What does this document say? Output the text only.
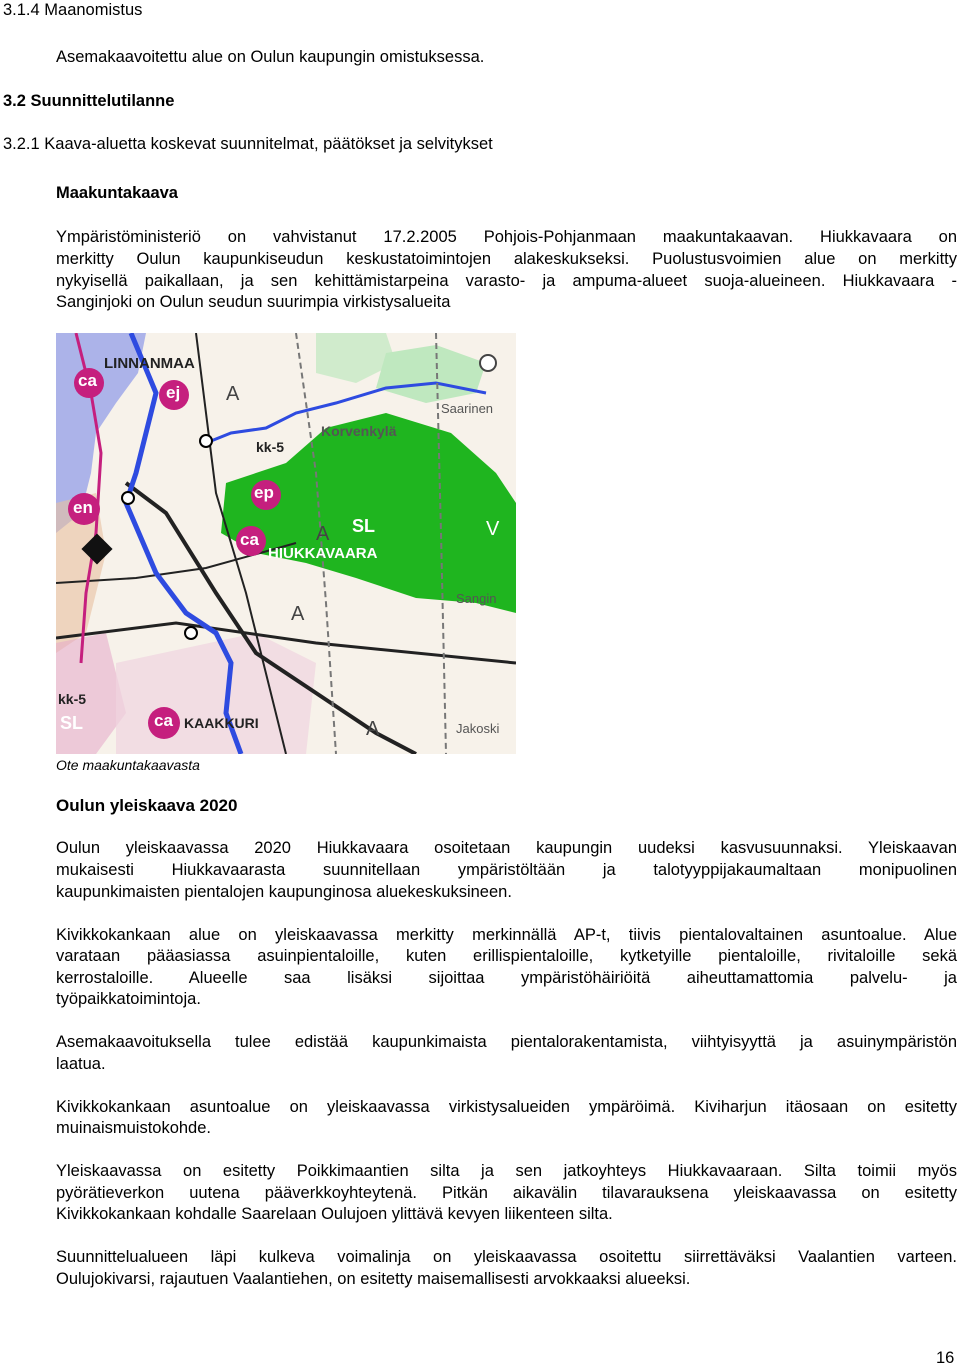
3.1.4 Maanomistus
Asemakaavoitettu alue on Oulun kaupungin omistuksessa.
3.2 Suunnittelutilanne
3.2.1 Kaava-aluetta koskevat suunnitelmat, päätökset ja selvitykset
Maakuntakaava
Ympäristöministeriö on vahvistanut 17.2.2005 Pohjois-Pohjanmaan maakuntakaavan. Hiukkavaara on
merkitty Oulun kaupunkiseudun keskustatoimintojen alakeskukseksi. Puolustusvoimien alue on merkitty
nykyisellä paikallaan, ja sen kehittämistarpeina varasto- ja ampuma-alueet suoja-alueineen. Hiukkavaara -
Sanginjoki on Oulun seudun suurimpia virkistysalueita
LINNANMAA
ca
ej
kk-5
Korvenkylä
Saarinen
en
ep
ca
SL	V
HIUKKAVAARA
Sangin
kk-5
SL	ca KAAKKURI	Jakoski
A
A
A
A
Ote maakuntakaavasta
Oulun yleiskaava 2020
Oulun yleiskaavassa 2020 Hiukkavaara osoitetaan kaupungin uudeksi kasvusuunnaksi. Yleiskaavan
mukaisesti Hiukkavaarasta suunnitellaan ympäristöltään ja talotyyppijakaumaltaan monipuolinen
kaupunkimaisten pientalojen kaupunginosa aluekeskuksineen.
Kivikkokankaan alue on yleiskaavassa merkitty merkinnällä AP-t, tiivis pientalovaltainen asuntoalue. Alue
varataan pääasiassa asuinpientaloille, kuten erillispientaloille, kytketyille pientaloille, rivitaloille sekä
kerrostaloille. Alueelle saa lisäksi sijoittaa ympäristöhäiriöitä aiheuttamattomia palvelu- ja
työpaikkatoimintoja.
Asemakaavoituksella tulee edistää kaupunkimaista pientalorakentamista, viihtyisyyttä ja asuinympäristön
laatua.
Kivikkokankaan asuntoalue on yleiskaavassa virkistysalueiden ympäröimä. Kiviharjun itäosaan on esitetty
muinaismuistokohde.
Yleiskaavassa on esitetty Poikkimaantien silta ja sen jatkoyhteys Hiukkavaaraan. Silta toimii myös
pyörätieverkon uutena pääverkkoyhteytenä. Pitkän aikavälin tilavarauksena yleiskaavassa on esitetty
Kivikkokankaan kohdalle Saarelaan Oulujoen ylittävä kevyen liikenteen silta.
Suunnittelualueen läpi kulkeva voimalinja on yleiskaavassa osoitettu siirrettäväksi Vaalantien varteen.
Oulujokivarsi, rajautuen Vaalantiehen, on esitetty maisemallisesti arvokkaaksi alueeksi.
16
